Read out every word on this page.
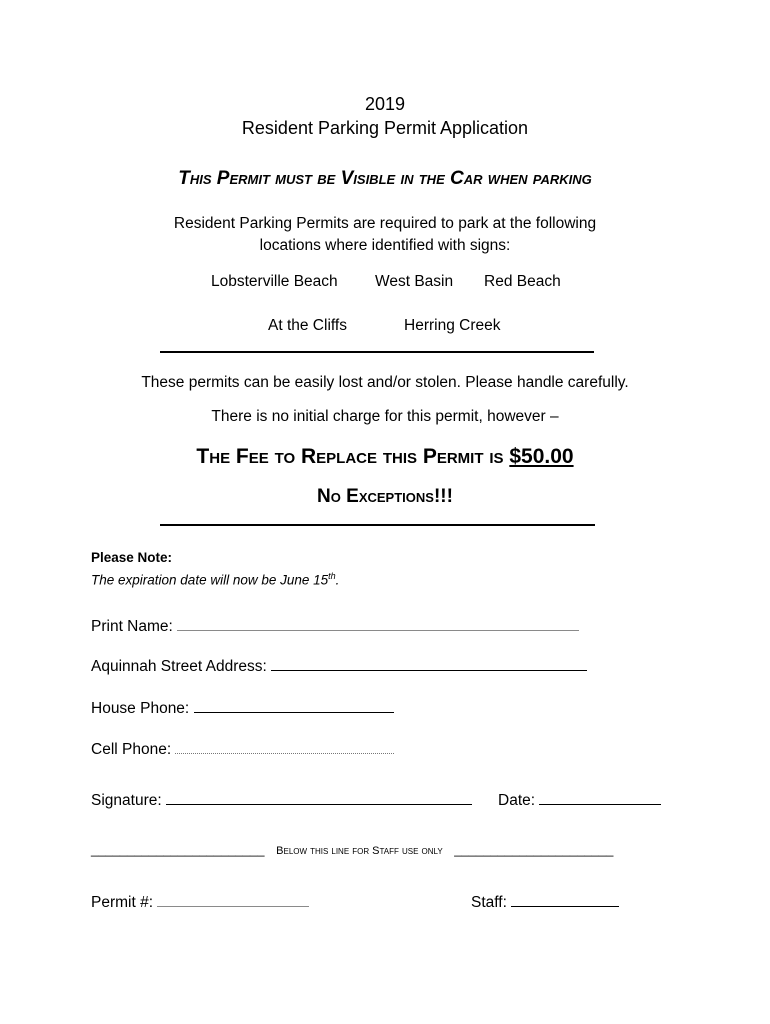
2019
Resident Parking Permit Application
This Permit must be Visible in the Car when parking
Resident Parking Permits are required to park at the following
locations where identified with signs:
Lobsterville Beach West Basin Red Beach
At the Cliffs	Herring Creek
These permits can be easily lost and/or stolen. Please handle carefully.
There is no initial charge for this permit, however –
The Fee to Replace this Permit is $50.00
No Exceptions!!!
Please Note:
The expiration date will now be June 15th.
Print Name:
Aquinnah Street Address:
House Phone:
Cell Phone:
Signature:	Date:
________________________ Below this line for Staff use only ______________________
Permit #:	Staff:
